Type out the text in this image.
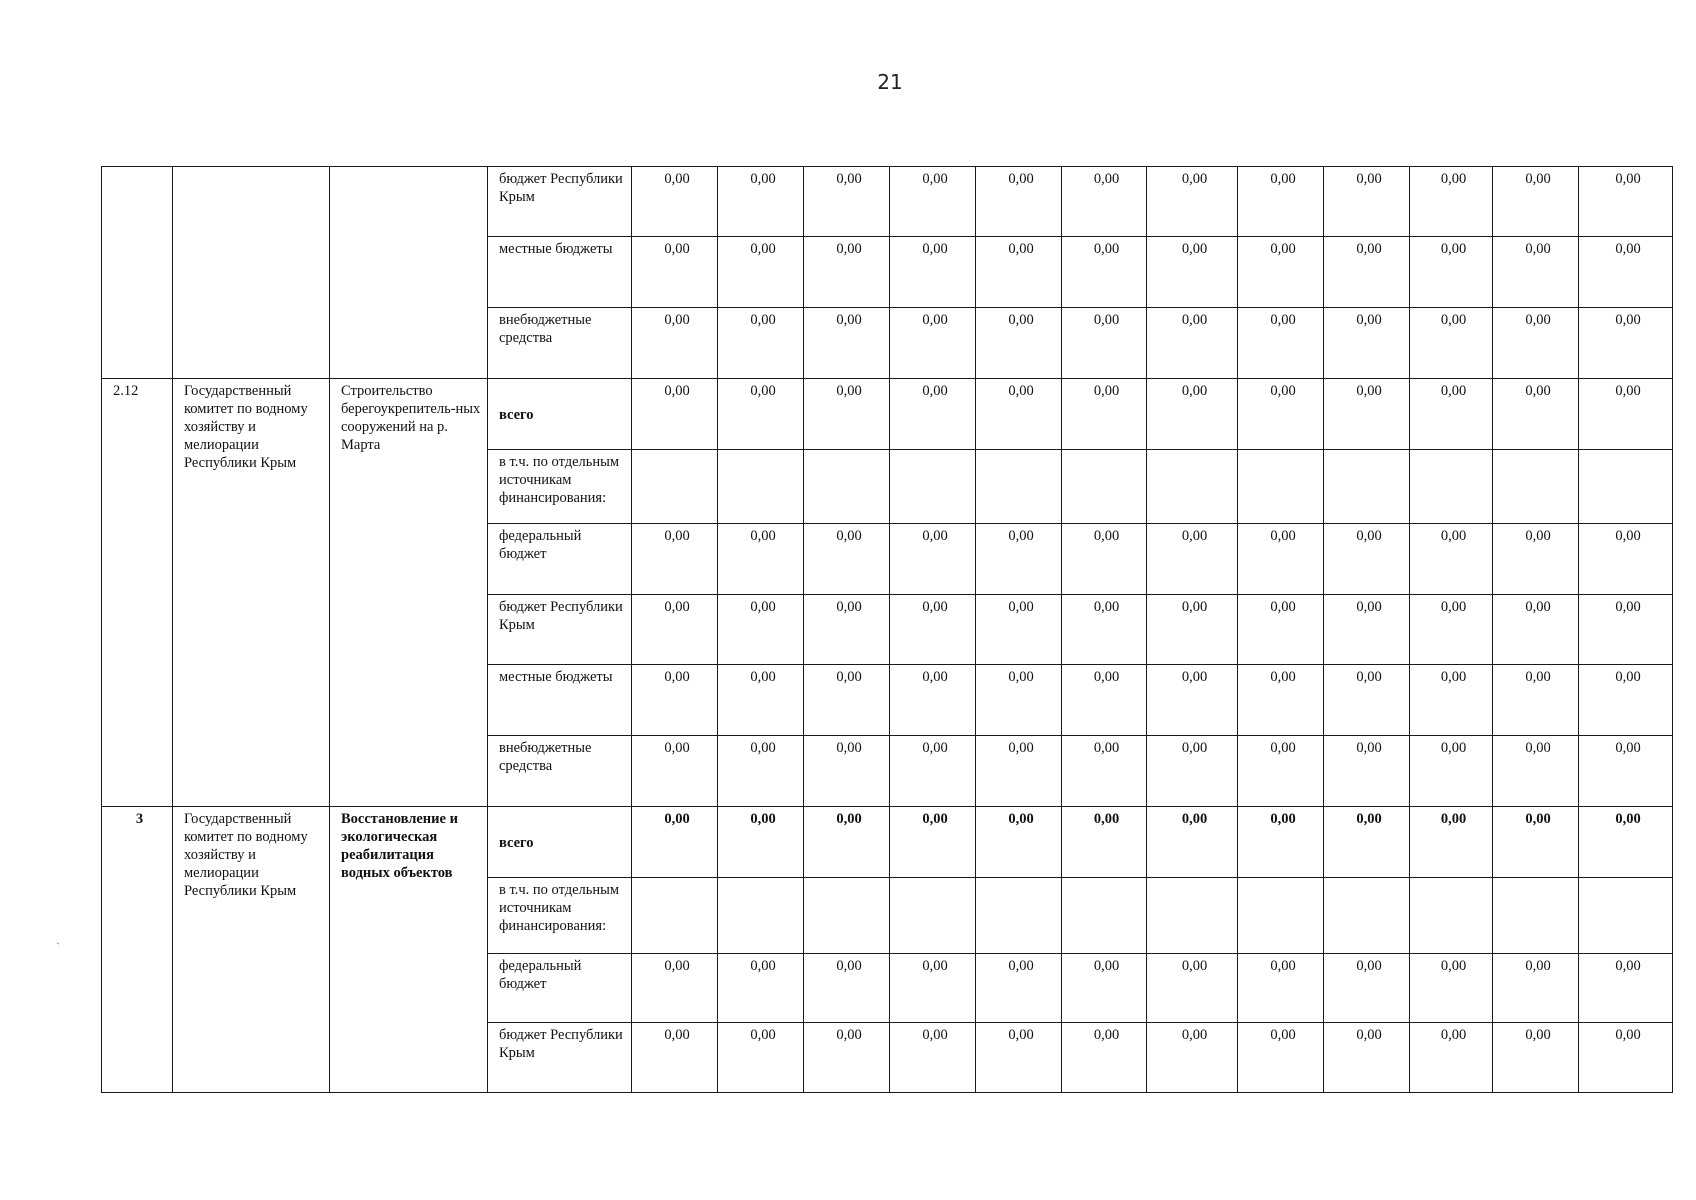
21
			бюджет Республики Крым	0,00	0,00	0,00	0,00	0,00	0,00	0,00	0,00	0,00	0,00	0,00	0,00
			местные бюджеты	0,00	0,00	0,00	0,00	0,00	0,00	0,00	0,00	0,00	0,00	0,00	0,00
			внебюджетные средства	0,00	0,00	0,00	0,00	0,00	0,00	0,00	0,00	0,00	0,00	0,00	0,00
2.12	Государственный комитет по водному хозяйству и мелиорации Республики Крым	Строительство берегоукрепитель-ных сооружений на р. Марта	всего	0,00	0,00	0,00	0,00	0,00	0,00	0,00	0,00	0,00	0,00	0,00	0,00
			в т.ч. по отдельным источникам финансирования:												
			федеральный бюджет	0,00	0,00	0,00	0,00	0,00	0,00	0,00	0,00	0,00	0,00	0,00	0,00
			бюджет Республики Крым	0,00	0,00	0,00	0,00	0,00	0,00	0,00	0,00	0,00	0,00	0,00	0,00
			местные бюджеты	0,00	0,00	0,00	0,00	0,00	0,00	0,00	0,00	0,00	0,00	0,00	0,00
			внебюджетные средства	0,00	0,00	0,00	0,00	0,00	0,00	0,00	0,00	0,00	0,00	0,00	0,00
3	Государственный комитет по водному хозяйству и мелиорации Республики Крым	Восстановление и экологическая реабилитация водных объектов	всего	0,00	0,00	0,00	0,00	0,00	0,00	0,00	0,00	0,00	0,00	0,00	0,00
			в т.ч. по отдельным источникам финансирования:												
			федеральный бюджет	0,00	0,00	0,00	0,00	0,00	0,00	0,00	0,00	0,00	0,00	0,00	0,00
			бюджет Республики Крым	0,00	0,00	0,00	0,00	0,00	0,00	0,00	0,00	0,00	0,00	0,00	0,00
ˋ
